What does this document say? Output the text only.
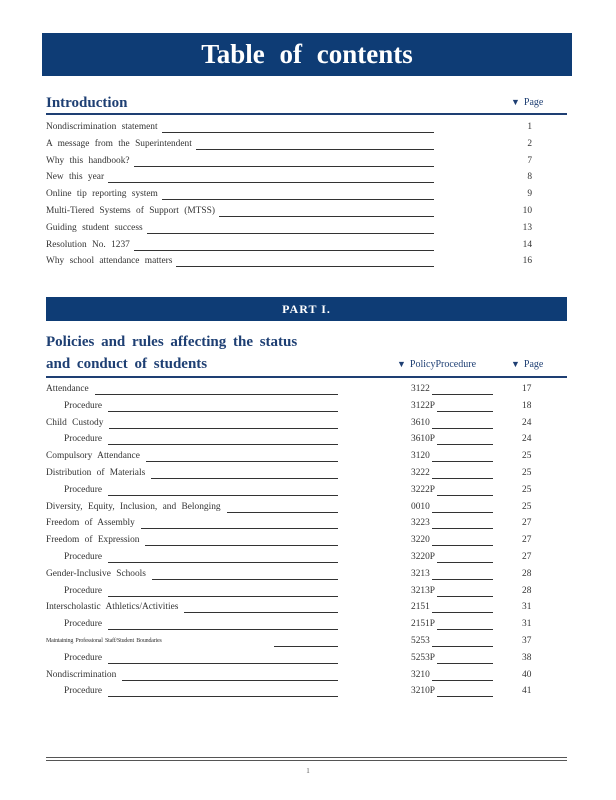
Table of contents
Introduction	▼ Page
Nondiscrimination statement	1
A message from the Superintendent	2
Why this handbook?	7
New this year	8
Online tip reporting system	9
Multi-Tiered Systems of Support (MTSS)	10
Guiding student success	13
Resolution No. 1237	14
Why school attendance matters	16
PART I.
Policies and rules affecting the status
and conduct of students	▼ PolicyProcedure	▼ Page
Attendance	3122	17
Procedure	3122P	18
Child Custody	3610	24
Procedure	3610P	24
Compulsory Attendance	3120	25
Distribution of Materials	3222	25
Procedure	3222P	25
Diversity, Equity, Inclusion, and Belonging	0010	25
Freedom of Assembly	3223	27
Freedom of Expression	3220	27
Procedure	3220P	27
Gender-Inclusive Schools	3213	28
Procedure	3213P	28
Interscholastic Athletics/Activities	2151	31
Procedure	2151P	31
Maintaining Professional Staff/Student Boundaries	5253	37
Procedure	5253P	38
Nondiscrimination	3210	40
Procedure	3210P	41
1
